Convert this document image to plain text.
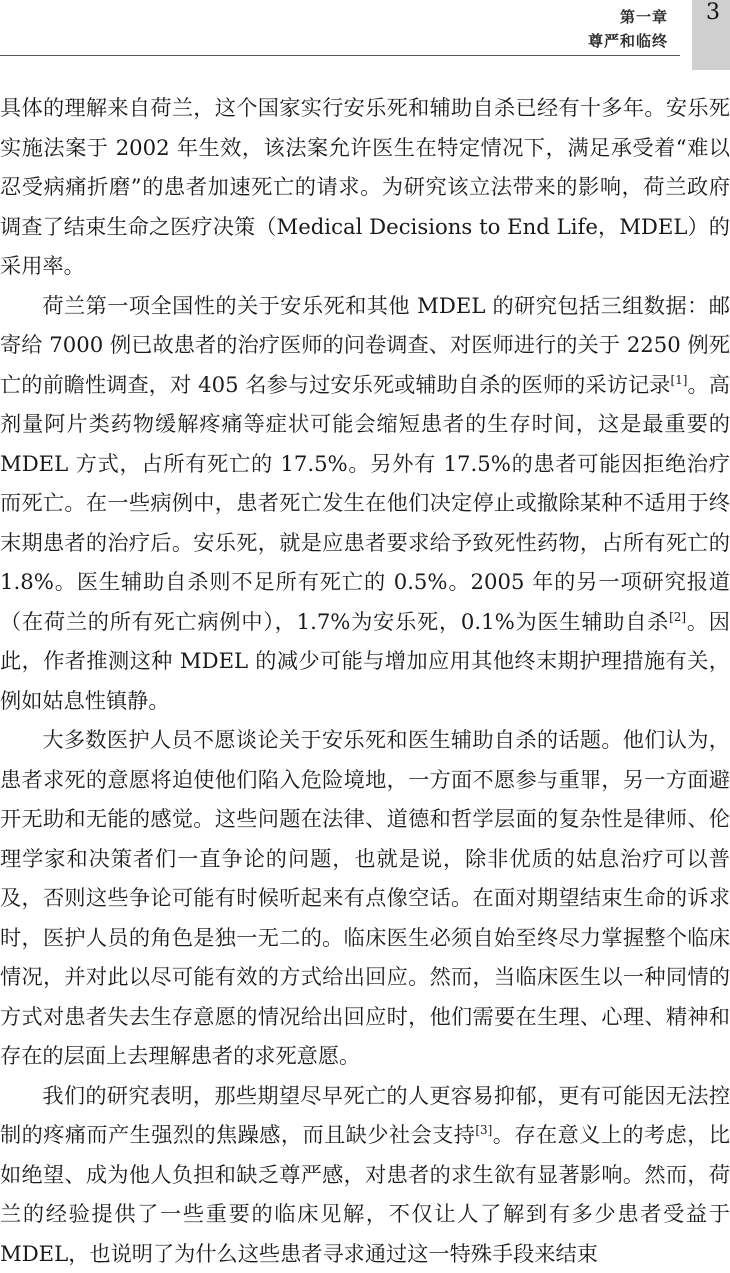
第一章
尊严和临终
3

具体的理解来自荷兰，这个国家实行安乐死和辅助自杀已经有十多年。安乐死实施法案于 2002 年生效，该法案允许医生在特定情况下，满足承受着“难以忍受病痛折磨”的患者加速死亡的请求。为研究该立法带来的影响，荷兰政府调查了结束生命之医疗决策（Medical Decisions to End Life，MDEL）的采用率。

荷兰第一项全国性的关于安乐死和其他 MDEL 的研究包括三组数据：邮寄给 7000 例已故患者的治疗医师的问卷调查、对医师进行的关于 2250 例死亡的前瞻性调查，对 405 名参与过安乐死或辅助自杀的医师的采访记录[1]。高剂量阿片类药物缓解疼痛等症状可能会缩短患者的生存时间，这是最重要的 MDEL 方式，占所有死亡的 17.5%。另外有 17.5%的患者可能因拒绝治疗而死亡。在一些病例中，患者死亡发生在他们决定停止或撤除某种不适用于终末期患者的治疗后。安乐死，就是应患者要求给予致死性药物，占所有死亡的 1.8%。医生辅助自杀则不足所有死亡的 0.5%。2005 年的另一项研究报道（在荷兰的所有死亡病例中），1.7%为安乐死，0.1%为医生辅助自杀[2]。因此，作者推测这种 MDEL 的减少可能与增加应用其他终末期护理措施有关，例如姑息性镇静。

大多数医护人员不愿谈论关于安乐死和医生辅助自杀的话题。他们认为，患者求死的意愿将迫使他们陷入危险境地，一方面不愿参与重罪，另一方面避开无助和无能的感觉。这些问题在法律、道德和哲学层面的复杂性是律师、伦理学家和决策者们一直争论的问题，也就是说，除非优质的姑息治疗可以普及，否则这些争论可能有时候听起来有点像空话。在面对期望结束生命的诉求时，医护人员的角色是独一无二的。临床医生必须自始至终尽力掌握整个临床情况，并对此以尽可能有效的方式给出回应。然而，当临床医生以一种同情的方式对患者失去生存意愿的情况给出回应时，他们需要在生理、心理、精神和存在的层面上去理解患者的求死意愿。

我们的研究表明，那些期望尽早死亡的人更容易抑郁，更有可能因无法控制的疼痛而产生强烈的焦躁感，而且缺少社会支持[3]。存在意义上的考虑，比如绝望、成为他人负担和缺乏尊严感，对患者的求生欲有显著影响。然而，荷兰的经验提供了一些重要的临床见解，不仅让人了解到有多少患者受益于 MDEL，也说明了为什么这些患者寻求通过这一特殊手段来结束
